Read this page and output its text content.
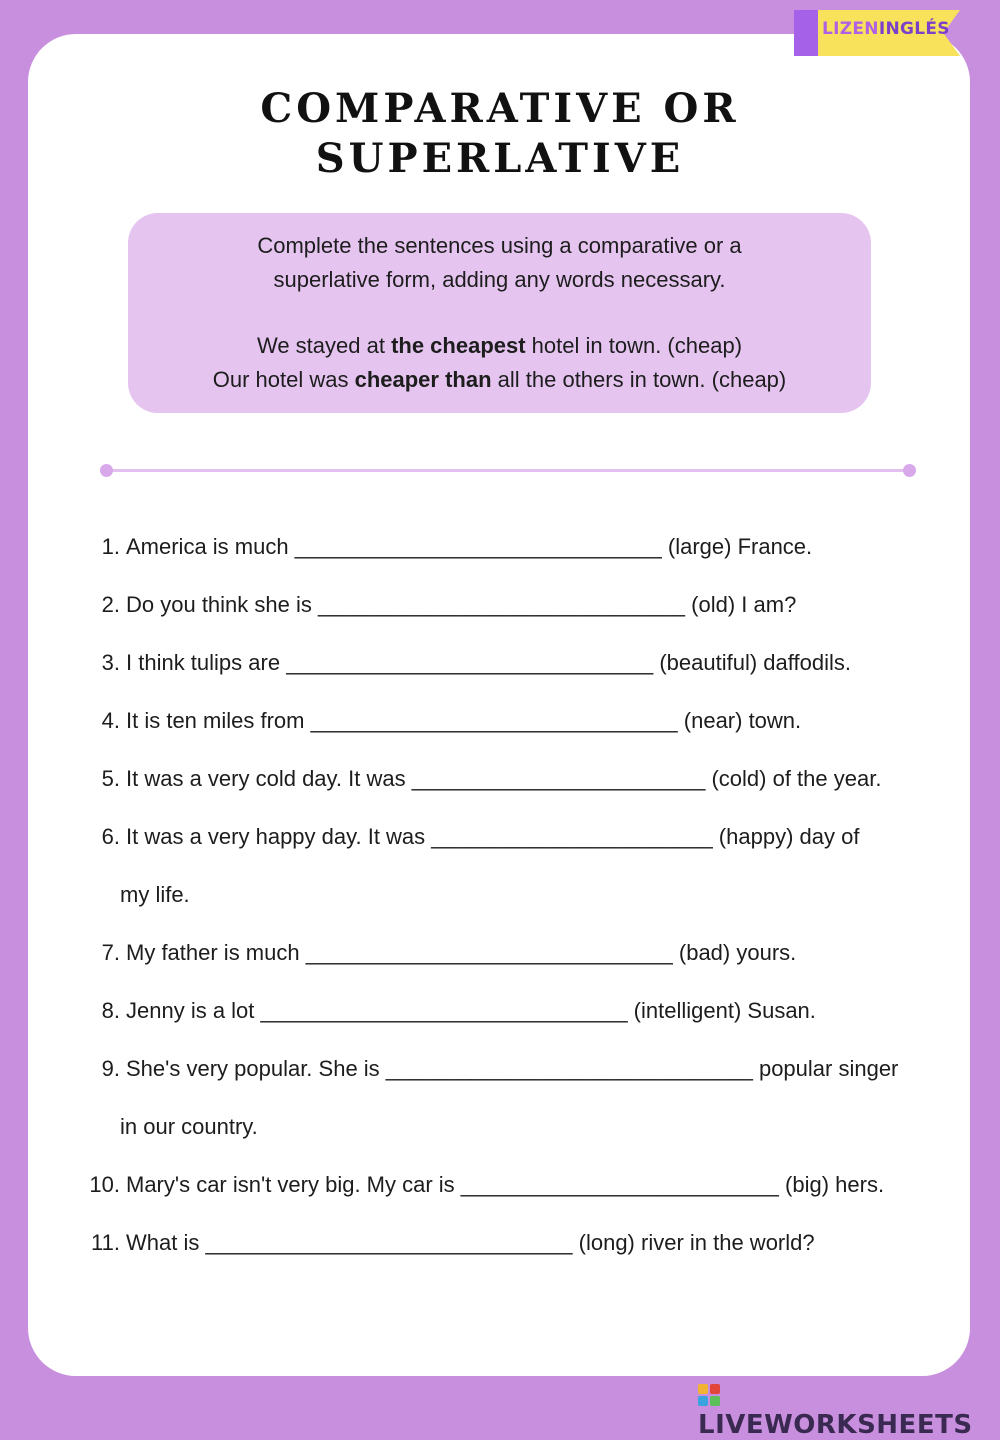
LIZENINGLÉS
COMPARATIVE OR
SUPERLATIVE
Complete the sentences using a comparative or a
superlative form, adding any words necessary.
We stayed at the cheapest hotel in town. (cheap)
Our hotel was cheaper than all the others in town. (cheap)
1. America is much ______________________________ (large) France.
2. Do you think she is ______________________________ (old) I am?
3. I think tulips are ______________________________ (beautiful) daffodils.
4. It is ten miles from ______________________________ (near) town.
5. It was a very cold day. It was ________________________ (cold) of the year.
6. It was a very happy day. It was _______________________ (happy) day of
my life.
7. My father is much ______________________________ (bad) yours.
8. Jenny is a lot ______________________________ (intelligent) Susan.
9. She's very popular. She is ______________________________ popular singer
in our country.
10. Mary's car isn't very big. My car is __________________________ (big) hers.
11. What is ______________________________ (long) river in the world?
LIVEWORKSHEETS
